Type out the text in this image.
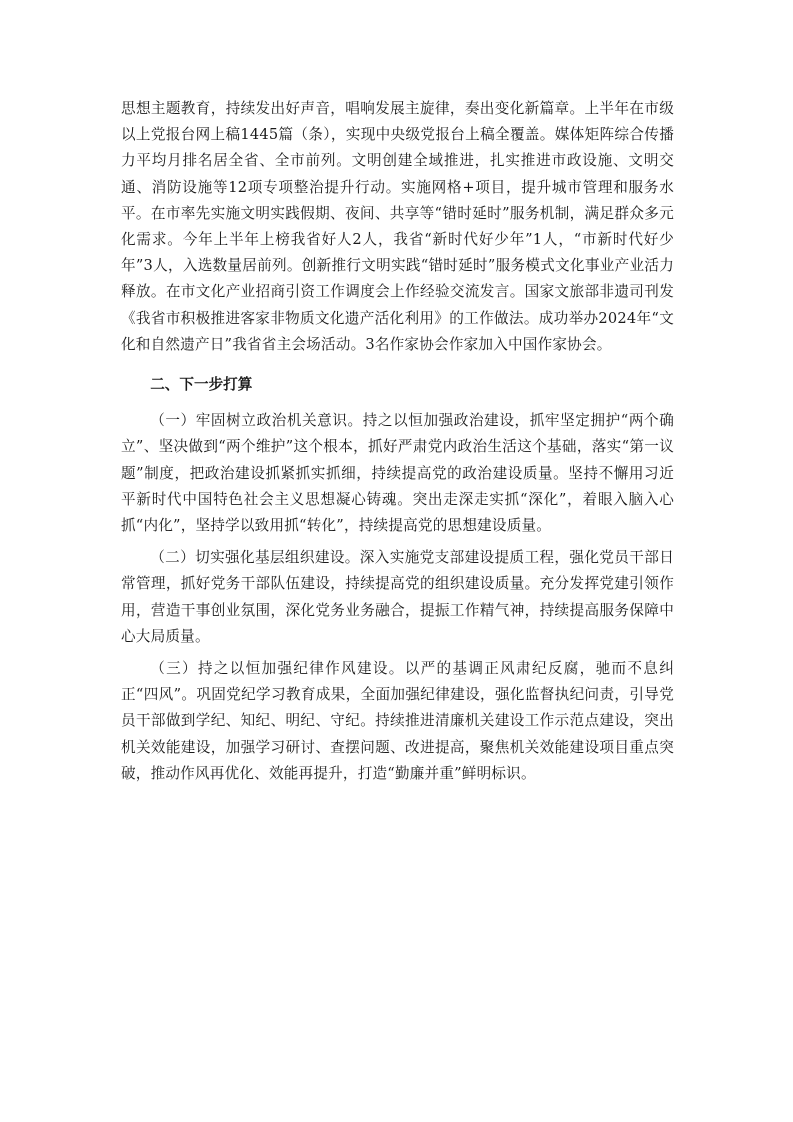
思想主题教育，持续发出好声音，唱响发展主旋律，奏出变化新篇章。上半年在市级以上党报台网上稿1445篇（条），实现中央级党报台上稿全覆盖。媒体矩阵综合传播力平均月排名居全省、全市前列。文明创建全域推进，扎实推进市政设施、文明交通、消防设施等12项专项整治提升行动。实施网格+项目，提升城市管理和服务水平。在市率先实施文明实践假期、夜间、共享等“错时延时”服务机制，满足群众多元化需求。今年上半年上榜我省好人2人，我省“新时代好少年”1人，“市新时代好少年”3人，入选数量居前列。创新推行文明实践“错时延时”服务模式文化事业产业活力释放。在市文化产业招商引资工作调度会上作经验交流发言。国家文旅部非遗司刊发《我省市积极推进客家非物质文化遗产活化利用》的工作做法。成功举办2024年“文化和自然遗产日”我省省主会场活动。3名作家协会作家加入中国作家协会。

二、下一步打算

（一）牢固树立政治机关意识。持之以恒加强政治建设，抓牢坚定拥护“两个确立”、坚决做到“两个维护”这个根本，抓好严肃党内政治生活这个基础，落实“第一议题”制度，把政治建设抓紧抓实抓细，持续提高党的政治建设质量。坚持不懈用习近平新时代中国特色社会主义思想凝心铸魂。突出走深走实抓“深化”，着眼入脑入心抓“内化”，坚持学以致用抓“转化”，持续提高党的思想建设质量。

（二）切实强化基层组织建设。深入实施党支部建设提质工程，强化党员干部日常管理，抓好党务干部队伍建设，持续提高党的组织建设质量。充分发挥党建引领作用，营造干事创业氛围，深化党务业务融合，提振工作精气神，持续提高服务保障中心大局质量。

（三）持之以恒加强纪律作风建设。以严的基调正风肃纪反腐，驰而不息纠正“四风”。巩固党纪学习教育成果，全面加强纪律建设，强化监督执纪问责，引导党员干部做到学纪、知纪、明纪、守纪。持续推进清廉机关建设工作示范点建设，突出机关效能建设，加强学习研讨、查摆问题、改进提高，聚焦机关效能建设项目重点突破，推动作风再优化、效能再提升，打造“勤廉并重”鲜明标识。
